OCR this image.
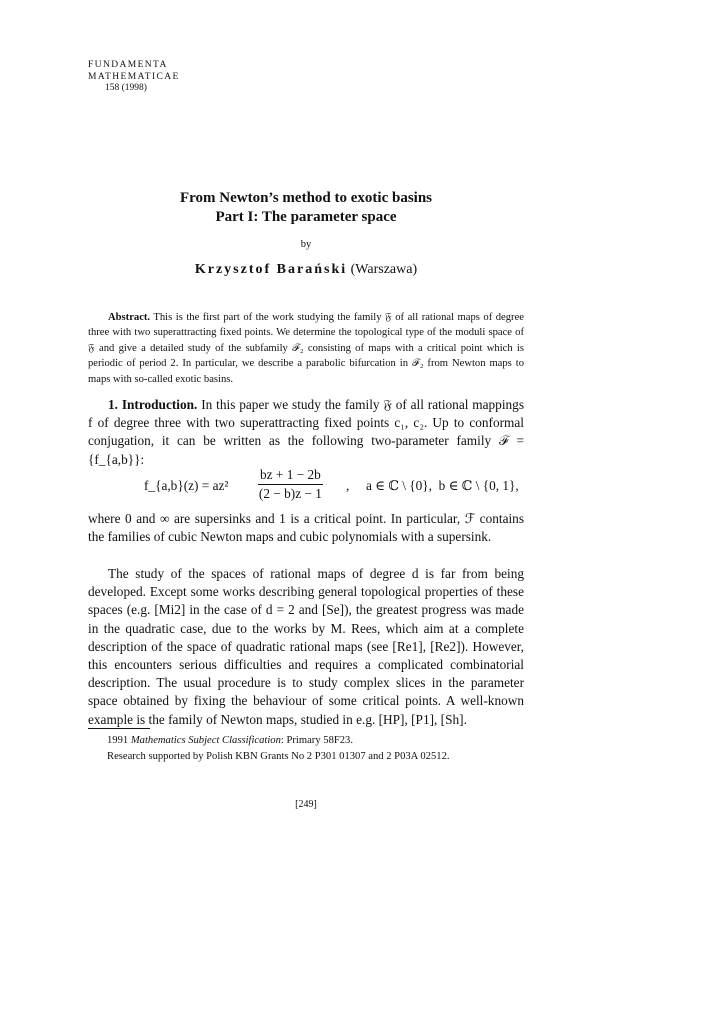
FUNDAMENTA
MATHEMATICAE
158 (1998)
From Newton’s method to exotic basins
Part I: The parameter space
by
Krzysztof Barański (Warszawa)

Abstract. This is the first part of the work studying the family 𝔉 of all rational maps of degree three with two superattracting fixed points. We determine the topological type of the moduli space of 𝔉 and give a detailed study of the subfamily ℱ₂ consisting of maps with a critical point which is periodic of period 2. In particular, we describe a parabolic bifurcation in ℱ₂ from Newton maps to maps with so-called exotic basins.

1. Introduction. In this paper we study the family 𝔉 of all rational mappings f of degree three with two superattracting fixed points c₁, c₂. Up to conformal conjugation, it can be written as the following two-parameter family ℱ = {f_{a,b}}:

f_{a,b}(z) = $az^2 \frac{bz + 1 - 2b}{(2 - b)z - 1}$ ,     a ∈ ℂ \ {0},  b ∈ ℂ \ {0, 1},

where 0 and ∞ are supersinks and 1 is a critical point. In particular, ℱ contains the families of cubic Newton maps and cubic polynomials with a supersink.

The study of the spaces of rational maps of degree d is far from being developed. Except some works describing general topological properties of these spaces (e.g. [Mi2] in the case of d = 2 and [Se]), the greatest progress was made in the quadratic case, due to the works by M. Rees, which aim at a complete description of the space of quadratic rational maps (see [Re1], [Re2]). However, this encounters serious difficulties and requires a complicated combinatorial description. The usual procedure is to study complex slices in the parameter space obtained by fixing the behaviour of some critical points. A well-known example is the family of Newton maps, studied in e.g. [HP], [P1], [Sh].

1991 Mathematics Subject Classification: Primary 58F23.
Research supported by Polish KBN Grants No 2 P301 01307 and 2 P03A 02512.
[249]
